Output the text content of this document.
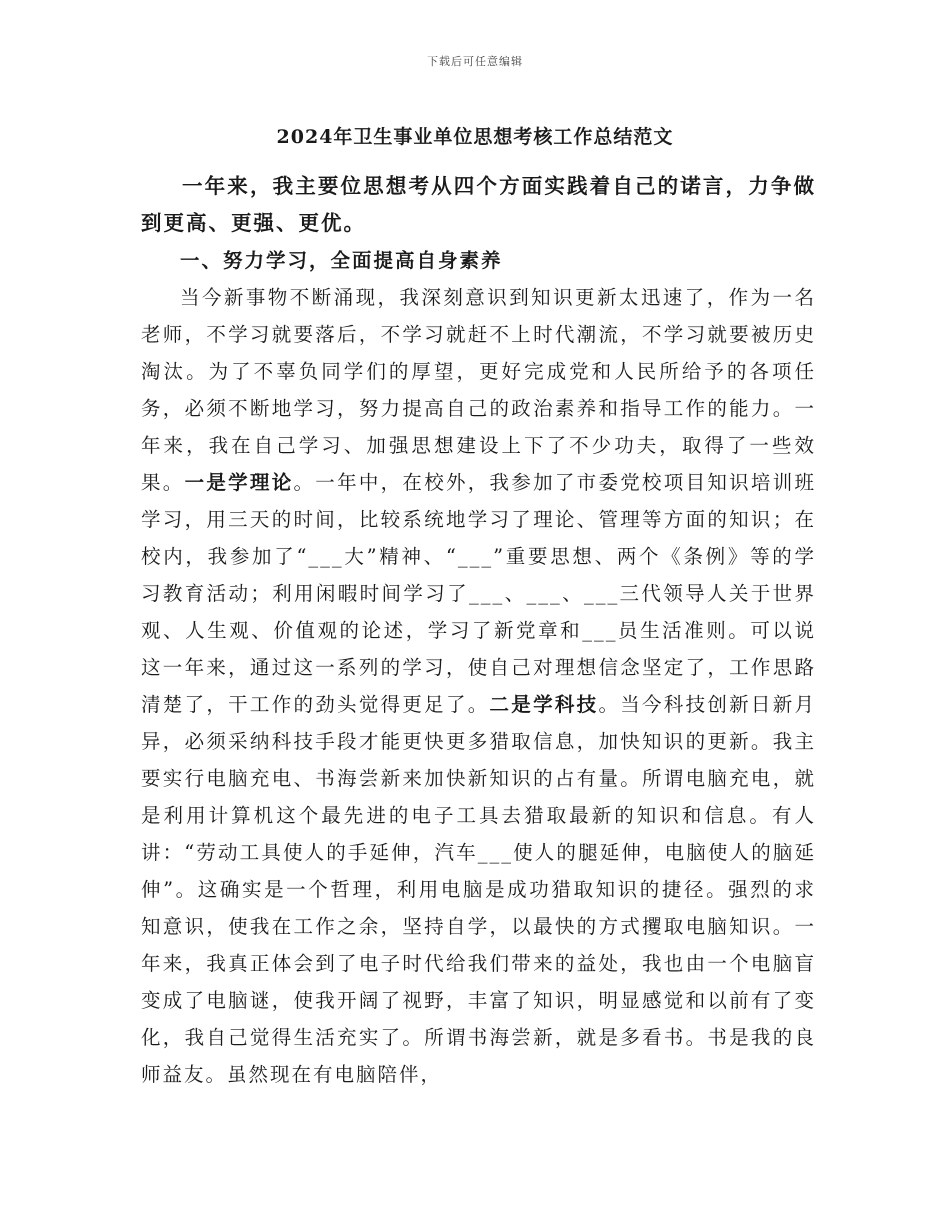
下载后可任意编辑
2024年卫生事业单位思想考核工作总结范文

一年来，我主要位思想考从四个方面实践着自己的诺言，力争做到更高、更强、更优。

一、努力学习，全面提高自身素养

当今新事物不断涌现，我深刻意识到知识更新太迅速了，作为一名老师，不学习就要落后，不学习就赶不上时代潮流，不学习就要被历史淘汰。为了不辜负同学们的厚望，更好完成党和人民所给予的各项任务，必须不断地学习，努力提高自己的政治素养和指导工作的能力。一年来，我在自己学习、加强思想建设上下了不少功夫，取得了一些效果。一是学理论。一年中，在校外，我参加了市委党校项目知识培训班学习，用三天的时间，比较系统地学习了理论、管理等方面的知识；在校内，我参加了“___大”精神、“___”重要思想、两个《条例》等的学习教育活动；利用闲暇时间学习了___、___、___三代领导人关于世界观、人生观、价值观的论述，学习了新党章和___员生活准则。可以说这一年来，通过这一系列的学习，使自己对理想信念坚定了，工作思路清楚了，干工作的劲头觉得更足了。二是学科技。当今科技创新日新月异，必须采纳科技手段才能更快更多猎取信息，加快知识的更新。我主要实行电脑充电、书海尝新来加快新知识的占有量。所谓电脑充电，就是利用计算机这个最先进的电子工具去猎取最新的知识和信息。有人讲：“劳动工具使人的手延伸，汽车___使人的腿延伸，电脑使人的脑延伸”。这确实是一个哲理，利用电脑是成功猎取知识的捷径。强烈的求知意识，使我在工作之余，坚持自学，以最快的方式攫取电脑知识。一年来，我真正体会到了电子时代给我们带来的益处，我也由一个电脑盲变成了电脑谜，使我开阔了视野，丰富了知识，明显感觉和以前有了变化，我自己觉得生活充实了。所谓书海尝新，就是多看书。书是我的良师益友。虽然现在有电脑陪伴，
